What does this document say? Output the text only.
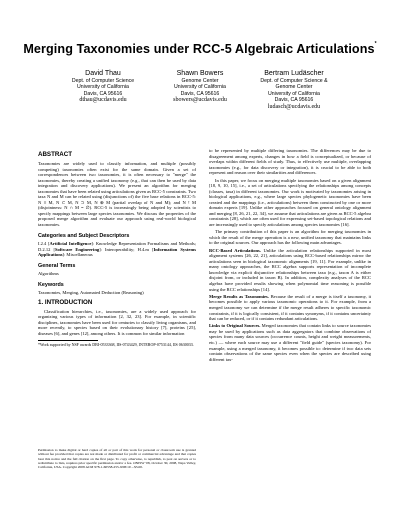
Merging Taxonomies under RCC-5 Algebraic Articulations*
David Thau
Dept. of Computer Science
University of California
Davis, CA 95616
dthau@ucdavis.edu
Shawn Bowers
Genome Center
University of California
Davis, CA 95616
sbowers@ucdavis.edu
Bertram Ludäscher
Dept. of Computer Science &
Genome Center
University of California
Davis, CA 95616
ludasch@ucdavis.edu
ABSTRACT

Taxonomies are widely used to classify information, and multiple (possibly competing) taxonomies often exist for the same domain. Given a set of correspondences between two taxonomies, it is often necessary to "merge" the taxonomies, thereby creating a unified taxonomy (e.g., that can then be used by data integration and discovery applications). We present an algorithm for merging taxonomies that have been related using articulations given as RCC-5 constraints. Two taxa N and M can be related using (disjunctions of) the five base relations in RCC-5: N ≡ M, N ⊂ M, N ⊃ M, N ⊕ M (partial overlap of N and M); and N ! M (disjointness: N ∩ M = ∅). RCC-5 is increasingly being adopted by scientists to specify mappings between large species taxonomies. We discuss the properties of the proposed merge algorithm and evaluate our approach using real-world biological taxonomies.

Categories and Subject Descriptors

I.2.4 [Artificial Intelligence]: Knowledge Representation Formalisms and Methods; D.2.12 [Software Engineering]: Interoperability; H.4.m [Information Systems Applications]: Miscellaneous

General Terms

Algorithms

Keywords

Taxonomies, Merging, Automated Deduction (Reasoning)

1. INTRODUCTION

Classification hierarchies, i.e., taxonomies, are a widely used approach for organizing various types of information [2, 32, 23]. For example, in scientific disciplines, taxonomies have been used for centuries to classify living organisms, and more recently, to species based on their evolutionary history [7], proteins [25], diseases [6], and genes [12], among others. It is common for similar information

*Work supported by NSF awards DBI-0533368, IIS-0743429, INTEROP-0753144, IIS 0630033.
Permission to make digital or hard copies of all or part of this work for personal or classroom use is granted without fee provided that copies are not made or distributed for profit or commercial advantage and that copies bear this notice and the full citation on the first page. To copy otherwise, to republish, to post on servers or to redistribute to lists, requires prior specific permission and/or a fee. ONISW '08, October 30, 2008, Napa Valley, California, USA. Copyright 2008 ACM 978-1-60558-255-9/08/10 ...$5.00.

to be represented by multiple differing taxonomies. The differences may be due to disagreement among experts, changes in how a field is conceptualized, or because of overlaps within different fields of study. Thus, to effectively use multiple, overlapping taxonomies (e.g., for data discovery or integration), it is crucial to be able to both represent and reason over their similarities and differences.

In this paper, we focus on merging multiple taxonomies based on a given alignment [18, 9, 10, 15], i.e., a set of articulations specifying the relationships among concepts (classes, taxa) in different taxonomies. Our work is motivated by taxonomies arising in biological applications, e.g., where large species phylogenetic taxonomies have been created and the mappings (i.e., articulations) between them constructed by one or more domain experts [19]. Unlike other approaches focused on general ontology alignment and merging [8, 26, 21, 22, 34], we assume that articulations are given as RCC-5 algebra constraints [28], which are often used for expressing set-based topological relations and are increasingly used to specify articulations among species taxonomies [16].

The primary contribution of this paper is an algorithm for merging taxonomies in which the result of the merge operation is a new, unified taxonomy that maintains links to the original sources. Our approach has the following main advantages.

RCC-Based Articulations. Unlike the articulation relationships supported in most alignment systems [26, 22, 21], articulations using RCC-based relationships mirror the articulations seen in biological taxonomic alignments [19, 11]. For example, unlike in many ontology approaches, the RCC algebra supports representation of incomplete knowledge via explicit disjunctive relationships between taxa (e.g., taxon A is either disjoint from, or included in taxon B). In addition, complexity analyses of the RCC algebra have provided results showing when polynomial time reasoning is possible using the RCC relationships [14].

Merge Results as Taxonomies. Because the result of a merge is itself a taxonomy, it becomes possible to apply various taxonomic operations to it. For example, from a merged taxonomy we can determine if the merge result adheres to specific taxonomic constraints, if it is logically consistent, if it contains synonyms, if it contains uncertainty that can be reduced, or if it contains redundant articulations.

Links to Original Sources. Merged taxonomies that contain links to source taxonomies may be used by applications such as data aggregators that combine observations of species from many data sources (occurrence counts, height and weight measurements, etc.) — where each source may use a different "field guide" (species taxonomy). For example, using a merged taxonomy, it becomes possible to: determine if two data sets contain observations of the same species even when the species are described using different tax-
